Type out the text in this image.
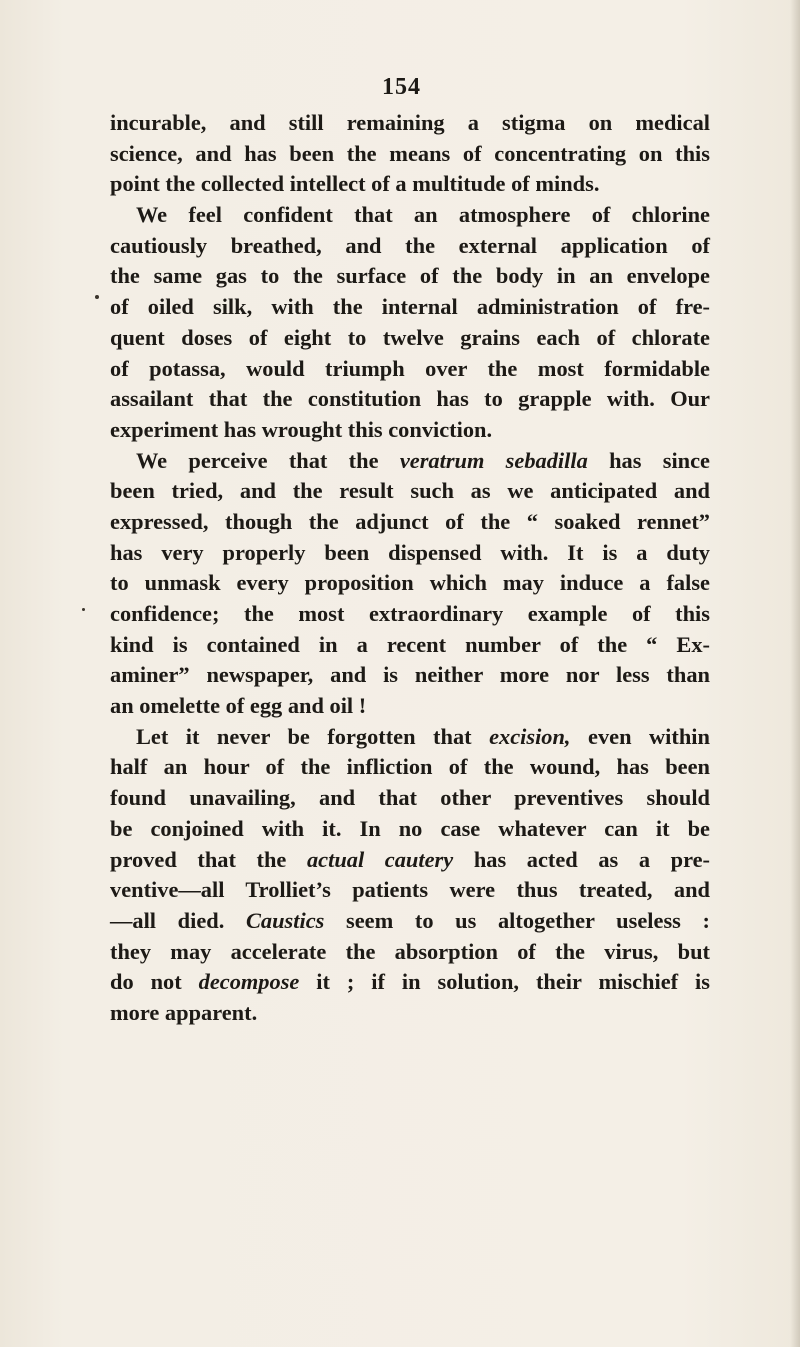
154
incurable, and still remaining a stigma on medical
science, and has been the means of concentrating on this
point the collected intellect of a multitude of minds.
We feel confident that an atmosphere of chlorine
cautiously breathed, and the external application of
the same gas to the surface of the body in an envelope
of oiled silk, with the internal administration of fre-
quent doses of eight to twelve grains each of chlorate
of potassa, would triumph over the most formidable
assailant that the constitution has to grapple with. Our
experiment has wrought this conviction.
We perceive that the veratrum sebadilla has since
been tried, and the result such as we anticipated and
expressed, though the adjunct of the “ soaked rennet”
has very properly been dispensed with. It is a duty
to unmask every proposition which may induce a false
confidence; the most extraordinary example of this
kind is contained in a recent number of the “ Ex-
aminer” newspaper, and is neither more nor less than
an omelette of egg and oil !
Let it never be forgotten that excision, even within
half an hour of the infliction of the wound, has been
found unavailing, and that other preventives should
be conjoined with it. In no case whatever can it be
proved that the actual cautery has acted as a pre-
ventive—all Trolliet’s patients were thus treated, and
—all died. Caustics seem to us altogether useless :
they may accelerate the absorption of the virus, but
do not decompose it ; if in solution, their mischief is
more apparent.
